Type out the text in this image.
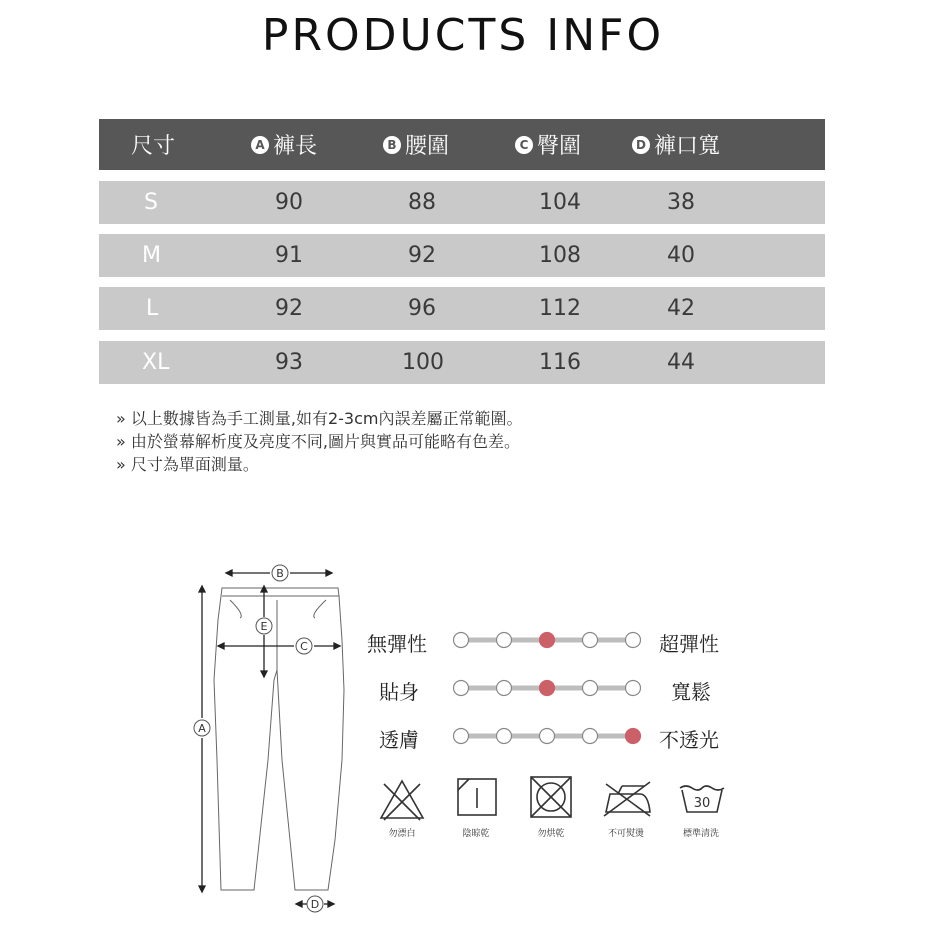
PRODUCTS INFO
尺寸	A 褲長	B 腰圍	C 臀圍	D 褲口寬
S	90	88	104	38
M	91	92	108	40
L	92	96	112	42
XL	93	100	116	44
» 以上數據皆為手工測量,如有2-3cm內誤差屬正常範圍。
» 由於螢幕解析度及亮度不同,圖片與實品可能略有色差。
» 尺寸為單面測量。
B
A
E
C
D
無彈性	超彈性
貼身	寬鬆
透膚	不透光
30
勿漂白	陰晾乾	勿烘乾	不可熨燙	標準清洗
